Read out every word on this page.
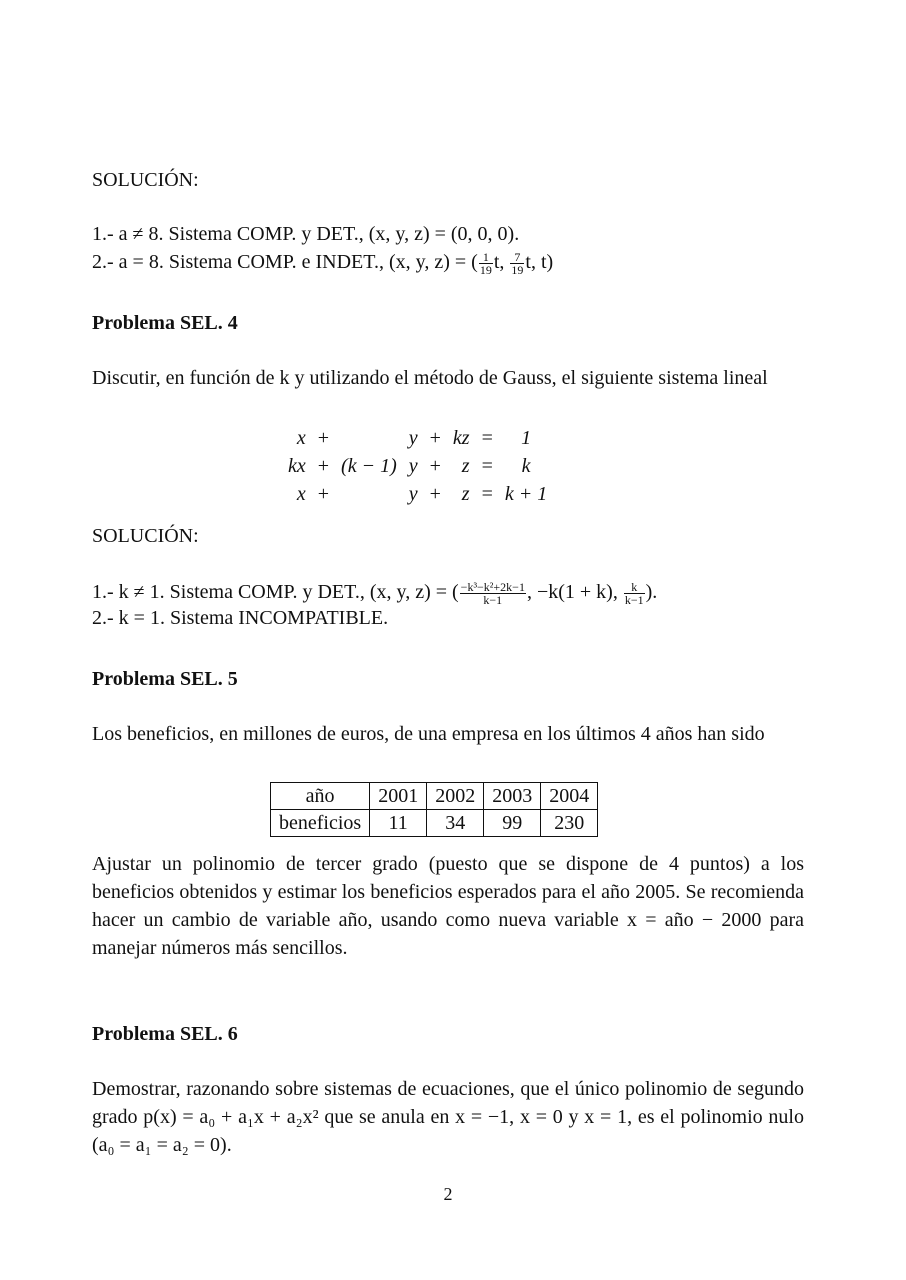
SOLUCIÓN:
1.- a ≠ 8. Sistema COMP. y DET., (x, y, z) = (0, 0, 0).
2.- a = 8. Sistema COMP. e INDET., (x, y, z) = ( $\frac{1}{19} t$, $\frac{7}{19} t$, t)
Problema SEL. 4
Discutir, en función de k y utilizando el método de Gauss, el siguiente sistema lineal
x	+		y	+	kz	=	1
kx	+	(k − 1)	y	+	z	=	k
x	+		y	+	z	=	k + 1
SOLUCIÓN:
1.- k ≠ 1. Sistema COMP. y DET., (x, y, z) = ( $\frac{\text{−k³−k²+2k−1}}{k-1}$ , −k(1 + k), $\frac{k}{k-1}$ ).
2.- k = 1. Sistema INCOMPATIBLE.
Problema SEL. 5
Los beneficios, en millones de euros, de una empresa en los últimos 4 años han sido
año	2001	2002	2003	2004
beneficios	11	34	99	230
Ajustar un polinomio de tercer grado (puesto que se dispone de 4 puntos) a los beneficios obtenidos y estimar los beneficios esperados para el año 2005. Se recomienda hacer un cambio de variable año, usando como nueva variable x = año − 2000 para manejar números más sencillos.
Problema SEL. 6
Demostrar, razonando sobre sistemas de ecuaciones, que el único polinomio de segundo grado p(x) = a₀ + a₁x + a₂x² que se anula en x = −1, x = 0 y x = 1, es el polinomio nulo (a₀ = a₁ = a₂ = 0).
2
